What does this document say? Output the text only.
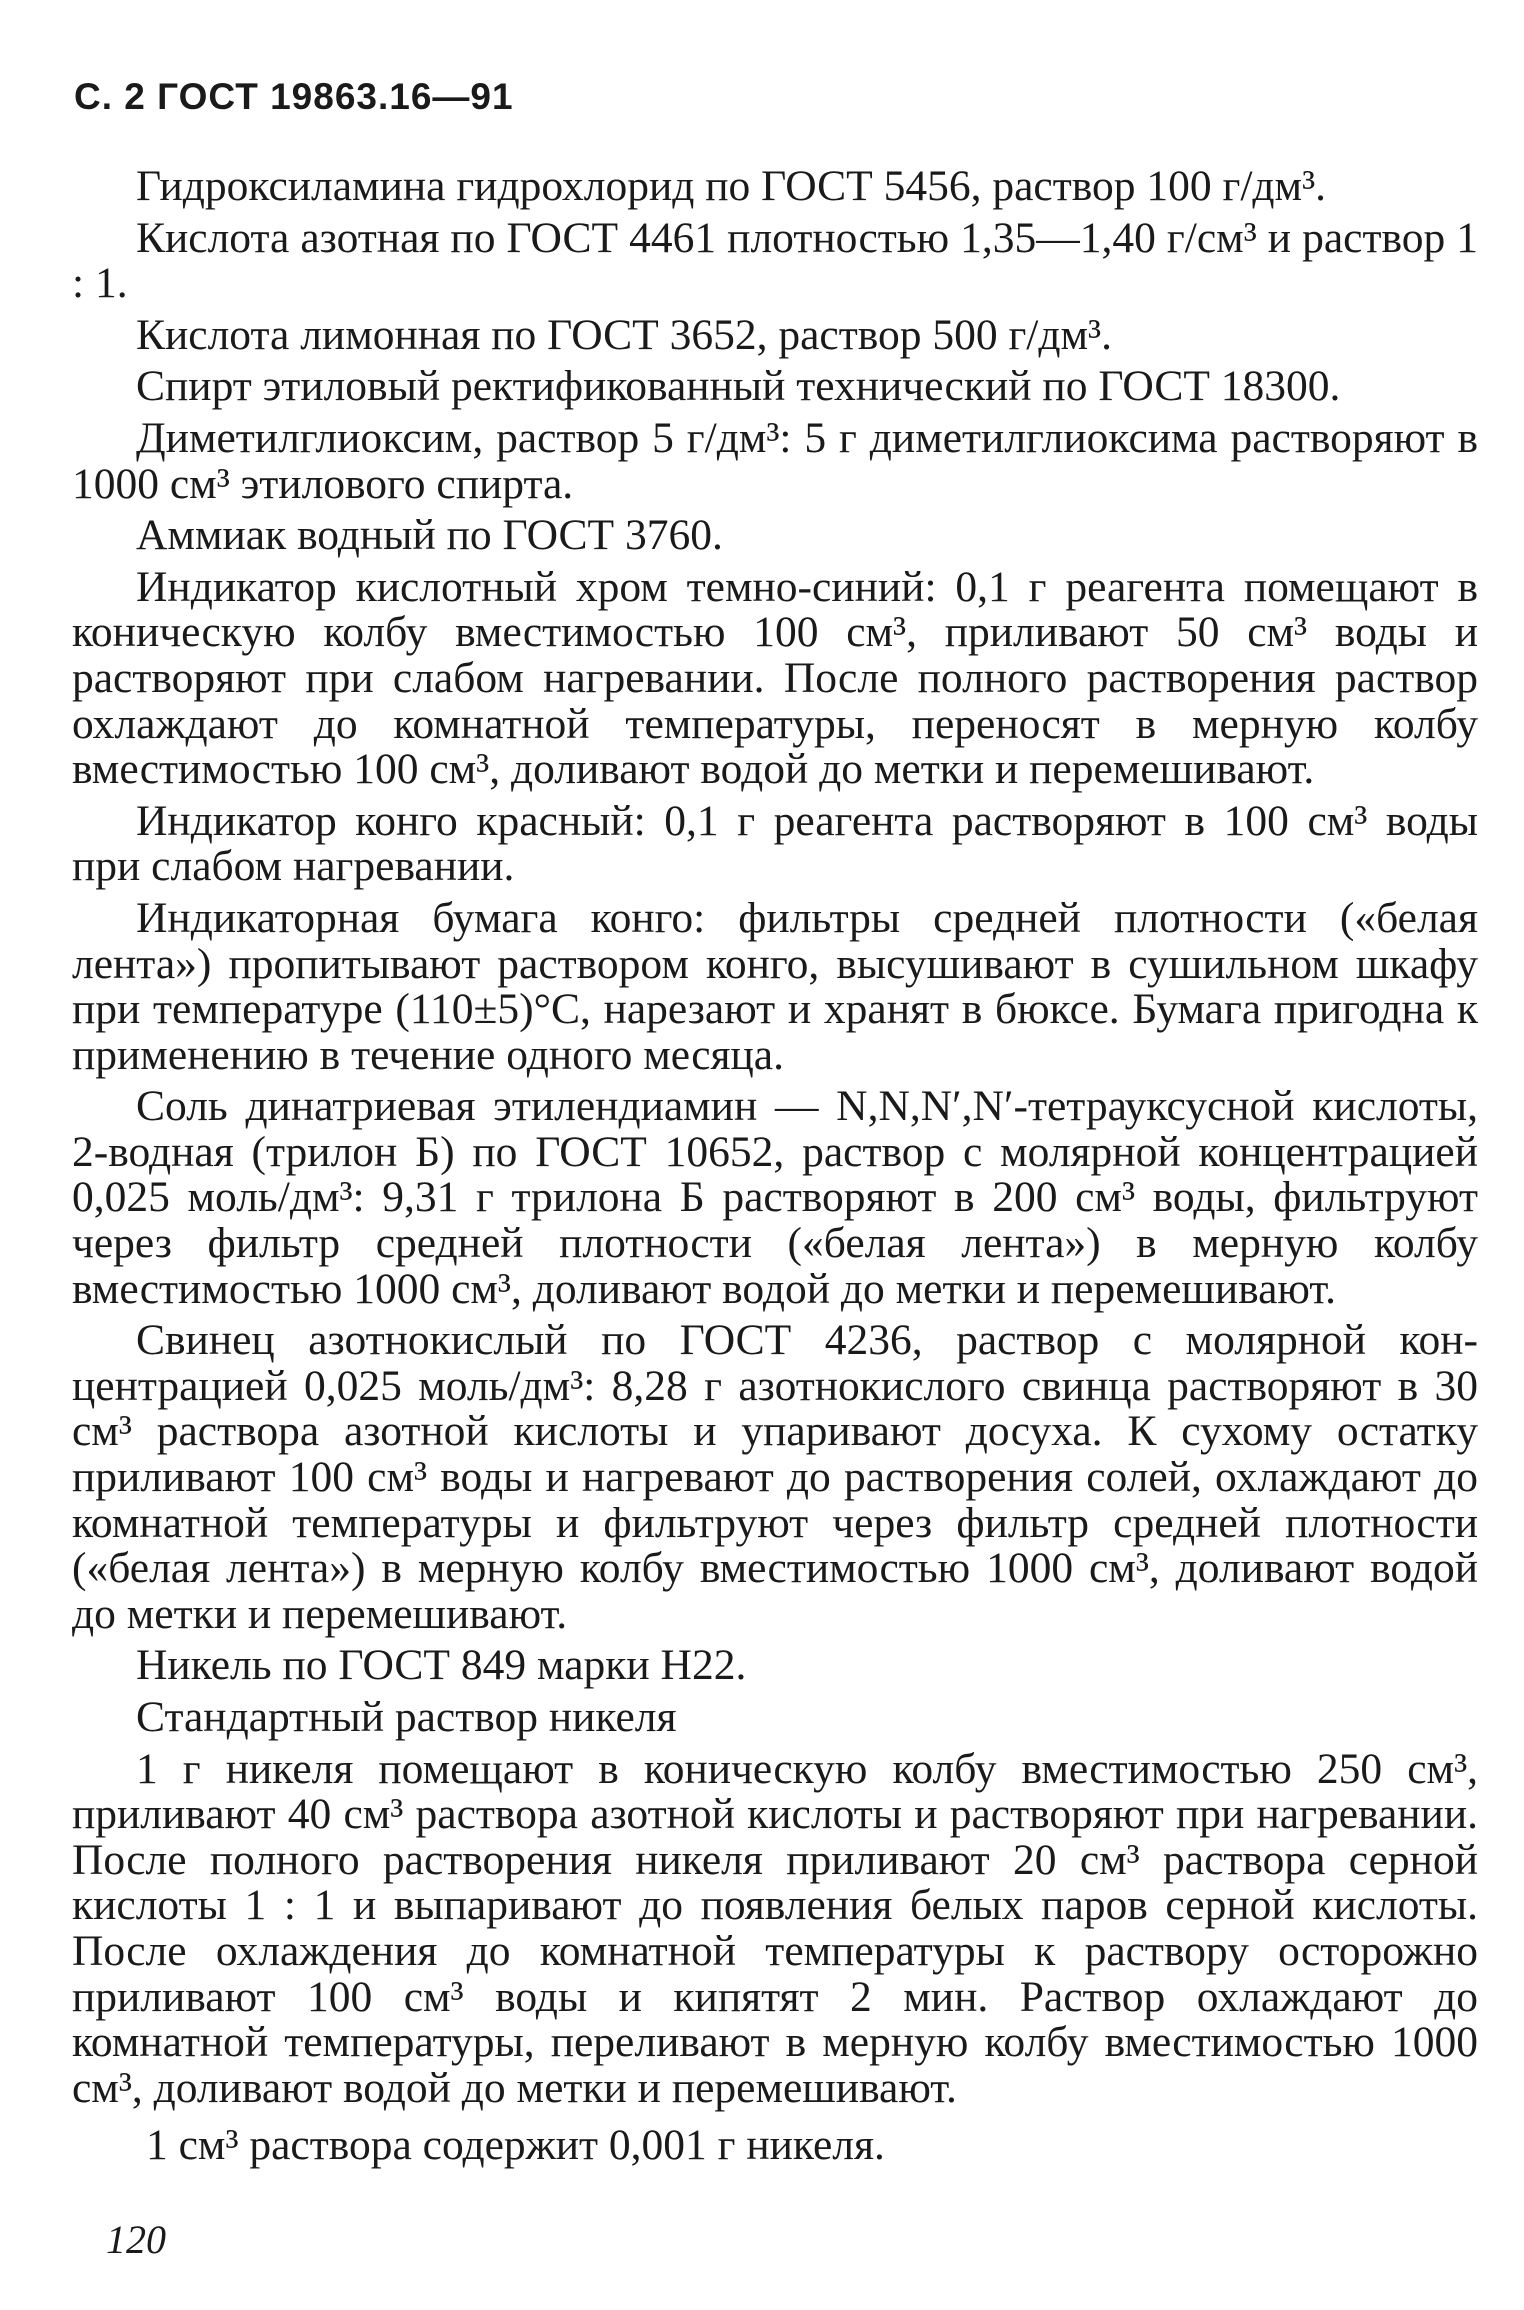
С. 2 ГОСТ 19863.16—91

Гидроксиламина гидрохлорид по ГОСТ 5456, раствор 100 г/дм³.

Кислота азотная по ГОСТ 4461 плотностью 1,35—1,40 г/см³ и раствор 1 : 1.

Кислота лимонная по ГОСТ 3652, раствор 500 г/дм³.

Спирт этиловый ректификованный технический по ГОСТ 18300.

Диметилглиоксим, раствор 5 г/дм³: 5 г диметилглиоксима растворяют в 1000 см³ этилового спирта.

Аммиак водный по ГОСТ 3760.

Индикатор кислотный хром темно-синий: 0,1 г реагента помещают в коническую колбу вместимостью 100 см³, приливают 50 см³ воды и растворяют при слабом нагревании. После полного растворения раствор охлаждают до комнатной температуры, переносят в мерную колбу вместимостью 100 см³, доливают водой до метки и перемешивают.

Индикатор конго красный: 0,1 г реагента растворяют в 100 см³ воды при слабом нагревании.

Индикаторная бумага конго: фильтры средней плотности («белая лента») пропитывают раствором конго, высушивают в сушильном шкафу при температуре (110±5)°С, нарезают и хранят в бюксе. Бумага пригодна к применению в течение одного месяца.

Соль динатриевая этилендиамин — N,N,N′,N′-тетрауксусной кислоты, 2-водная (трилон Б) по ГОСТ 10652, раствор с молярной концентрацией 0,025 моль/дм³: 9,31 г трилона Б растворяют в 200 см³ воды, фильтруют через фильтр средней плотности («белая лента») в мерную колбу вместимостью 1000 см³, доливают водой до метки и перемешивают.

Свинец азотнокислый по ГОСТ 4236, раствор с молярной концентрацией 0,025 моль/дм³: 8,28 г азотнокислого свинца растворяют в 30 см³ раствора азотной кислоты и упаривают досуха. К сухому остатку приливают 100 см³ воды и нагревают до растворения солей, охлаждают до комнатной температуры и фильтруют через фильтр средней плотности («белая лента») в мерную колбу вместимостью 1000 см³, доливают водой до метки и перемешивают.

Никель по ГОСТ 849 марки Н22.

Стандартный раствор никеля

1 г никеля помещают в коническую колбу вместимостью 250 см³, приливают 40 см³ раствора азотной кислоты и растворяют при нагревании. После полного растворения никеля приливают 20 см³ раствора серной кислоты 1 : 1 и выпаривают до появления белых паров серной кислоты. После охлаждения до комнатной температуры к раствору осторожно приливают 100 см³ воды и кипятят 2 мин. Раствор охлаждают до комнатной температуры, переливают в мерную колбу вместимостью 1000 см³, доливают водой до метки и перемешивают.

1 см³ раствора содержит 0,001 г никеля.

120
